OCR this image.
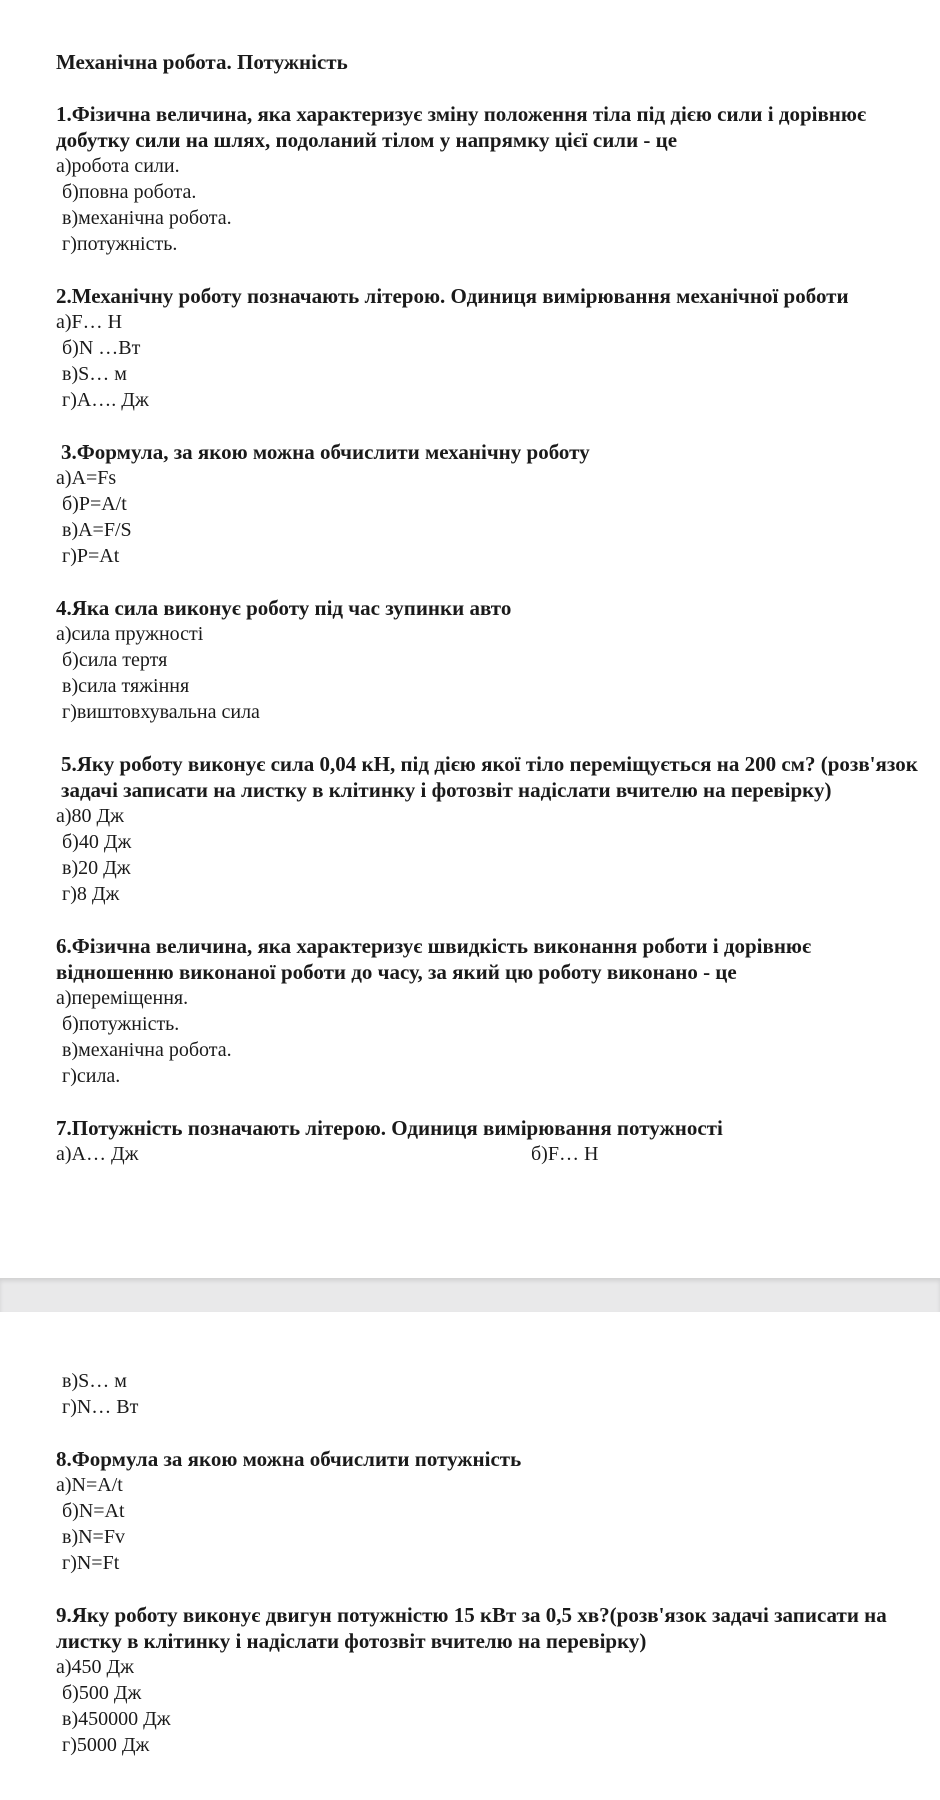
Механічна робота. Потужність

1.Фізична величина, яка характеризує зміну положення тіла під дією сили і дорівнює добутку сили на шлях, подоланий тілом у напрямку цієї сили - це

а)робота сили.

б)повна робота.

в)механічна робота.

г)потужність.

2.Механічну роботу позначають літерою. Одиниця вимірювання механічної роботи

а)F… Н

б)N …Вт

в)S… м

г)А…. Дж

3.Формула, за якою можна обчислити механічну роботу

а)A=Fs

б)P=A/t

в)A=F/S

г)P=At

4.Яка сила виконує роботу під час зупинки авто

а)сила пружності

б)сила тертя

в)сила тяжіння

г)виштовхувальна сила

5.Яку роботу виконує сила 0,04 кН, під дією якої тіло переміщується на 200 см? (розв'язок задачі записати на листку в клітинку і фотозвіт надіслати вчителю на перевірку)

а)80 Дж

б)40 Дж

в)20 Дж

г)8 Дж

6.Фізична величина, яка характеризує швидкість виконання роботи і дорівнює відношенню виконаної роботи до часу, за який цю роботу виконано - це

а)переміщення.

б)потужність.

в)механічна робота.

г)сила.

7.Потужність позначають літерою. Одиниця вимірювання потужності

а)А… Дж	б)F… Н

в)S… м

г)N… Вт

8.Формула за якою можна обчислити потужність

а)N=A/t

б)N=At

в)N=Fv

г)N=Ft

9.Яку роботу виконує двигун потужністю 15 кВт за 0,5 хв?(розв'язок задачі записати на листку в клітинку і надіслати фотозвіт вчителю на перевірку)

а)450 Дж

б)500 Дж

в)450000 Дж

г)5000 Дж
